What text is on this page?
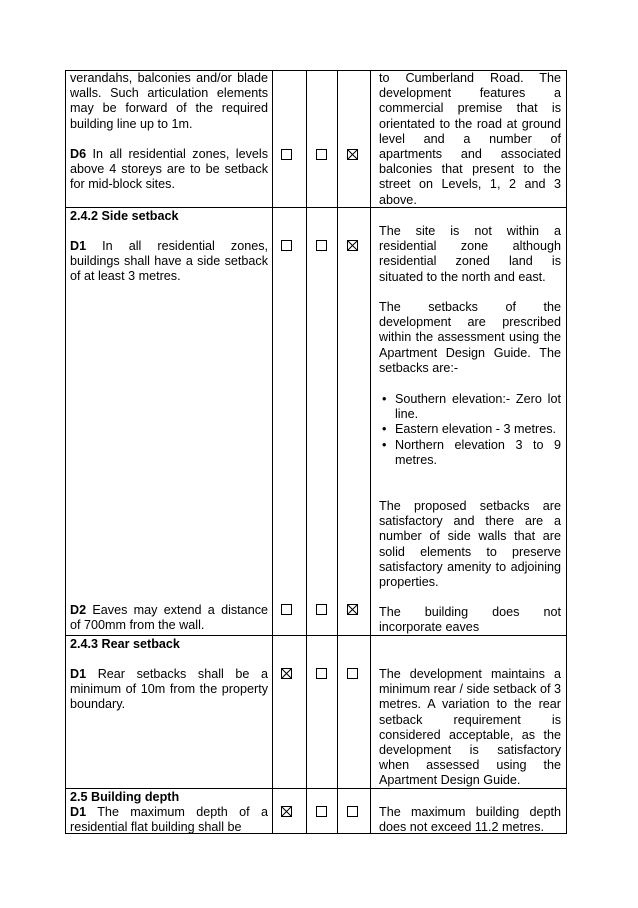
verandahs, balconies and/or blade walls. Such articulation elements may be forward of the required building line up to 1m.

D6 In all residential zones, levels above 4 storeys are to be setback for mid-block sites.

to Cumberland Road. The development features a commercial premise that is orientated to the road at ground level and a number of apartments and associated balconies that present to the street on Levels, 1, 2 and 3 above.

2.4.2 Side setback

D1 In all residential zones, buildings shall have a side setback of at least 3 metres.

The site is not within a residential zone although residential zoned land is situated to the north and east.

The setbacks of the development are prescribed within the assessment using the Apartment Design Guide. The setbacks are:-

• Southern elevation:- Zero lot line.
• Eastern elevation - 3 metres.
• Northern elevation 3 to 9 metres.

The proposed setbacks are satisfactory and there are a number of side walls that are solid elements to preserve satisfactory amenity to adjoining properties.

D2 Eaves may extend a distance of 700mm from the wall.

The building does not incorporate eaves

2.4.3 Rear setback

D1 Rear setbacks shall be a minimum of 10m from the property boundary.

The development maintains a minimum rear / side setback of 3 metres. A variation to the rear setback requirement is considered acceptable, as the development is satisfactory when assessed using the Apartment Design Guide.

2.5 Building depth

D1 The maximum depth of a residential flat building shall be

The maximum building depth does not exceed 11.2 metres.
